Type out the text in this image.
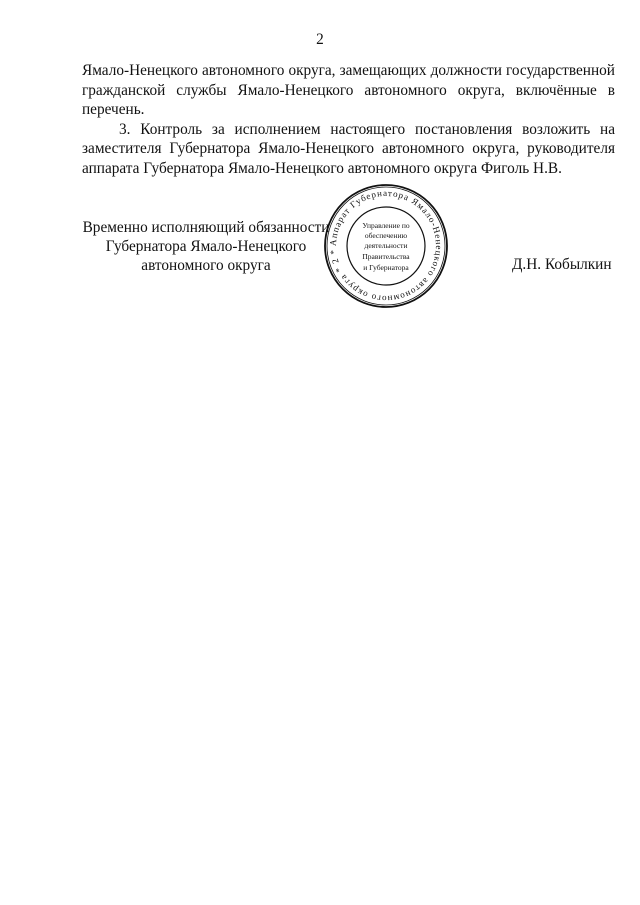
2
Ямало-Ненецкого автономного округа, замещающих должности государственной
гражданской службы Ямало-Ненецкого автономного округа, включённые в
перечень.
3. Контроль за исполнением настоящего постановления возложить на
заместителя Губернатора Ямало-Ненецкого автономного округа, руководителя
аппарата Губернатора Ямало-Ненецкого автономного округа Фиголь Н.В.
Временно исполняющий обязанности
Губернатора Ямало-Ненецкого
автономного округа
Аппарат Губернатора Ямало-Ненецкого автономного округа * 2 *
Управление по
обеспечению
деятельности
Правительства
и Губернатора	Д.Н. Кобылкин
